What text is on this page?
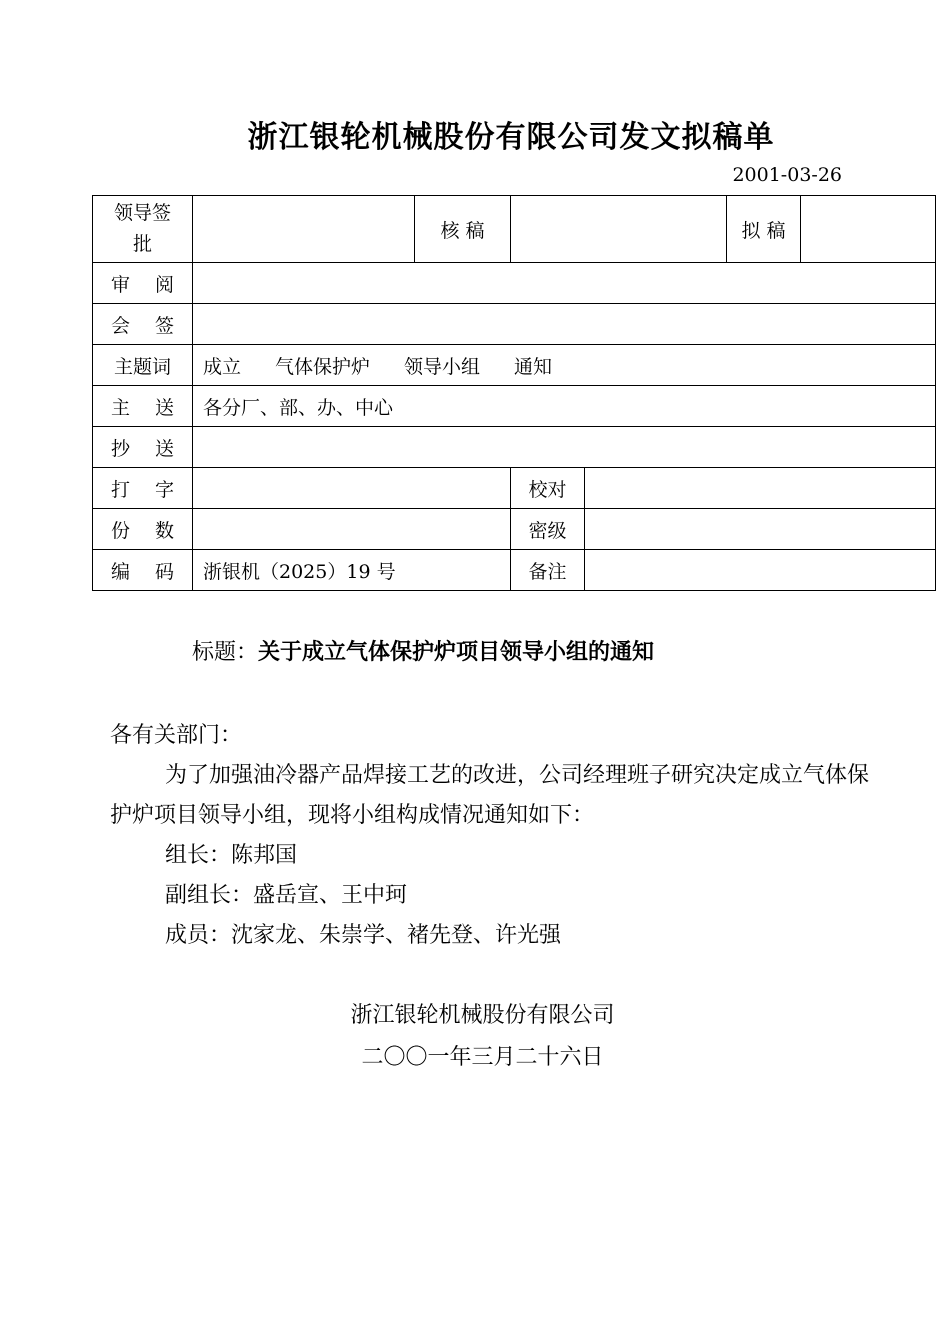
浙江银轮机械股份有限公司发文拟稿单
2001-03-26
领导签批		核 稿			拟 稿	

审 阅						

会 签						

主题词	成立 气体保护炉 领导小组 通知					

主 送	各分厂、部、办、中心					

抄 送						

打 字			校对			

份 数			密级			

编 码	浙银机（2025）19 号		备注			
标题：关于成立气体保护炉项目领导小组的通知

各有关部门：

为了加强油冷器产品焊接工艺的改进，公司经理班子研究决定成立气体保护炉项目领导小组，现将小组构成情况通知如下：

组长：陈邦国

副组长：盛岳宣、王中珂

成员：沈家龙、朱崇学、褚先登、许光强

浙江银轮机械股份有限公司
二〇〇一年三月二十六日
